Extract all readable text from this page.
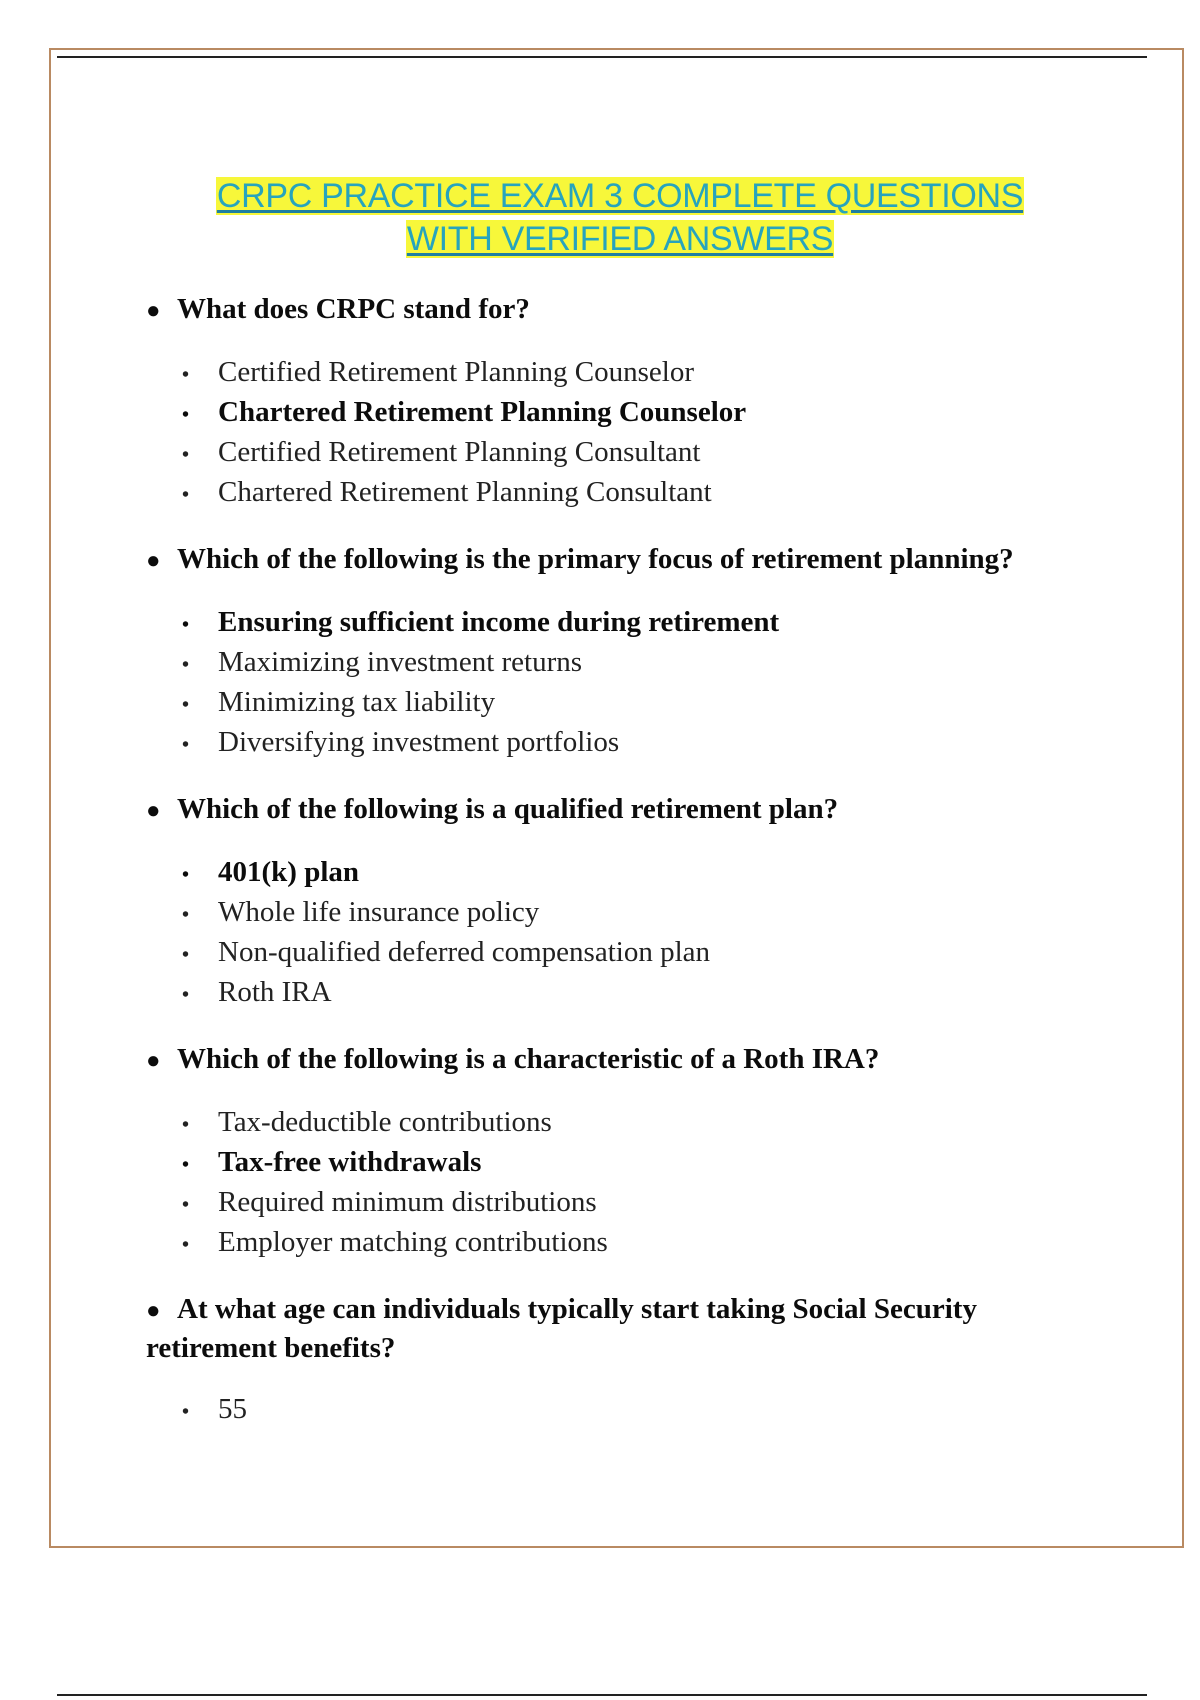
CRPC PRACTICE EXAM 3 COMPLETE QUESTIONS
WITH VERIFIED ANSWERS

● What does CRPC stand for?

• Certified Retirement Planning Counselor
• Chartered Retirement Planning Counselor
• Certified Retirement Planning Consultant
• Chartered Retirement Planning Consultant

● Which of the following is the primary focus of retirement planning?

• Ensuring sufficient income during retirement
• Maximizing investment returns
• Minimizing tax liability
• Diversifying investment portfolios

● Which of the following is a qualified retirement plan?

• 401(k) plan
• Whole life insurance policy
• Non-qualified deferred compensation plan
• Roth IRA

● Which of the following is a characteristic of a Roth IRA?

• Tax-deductible contributions
• Tax-free withdrawals
• Required minimum distributions
• Employer matching contributions

● At what age can individuals typically start taking Social Security retirement benefits?

• 55
